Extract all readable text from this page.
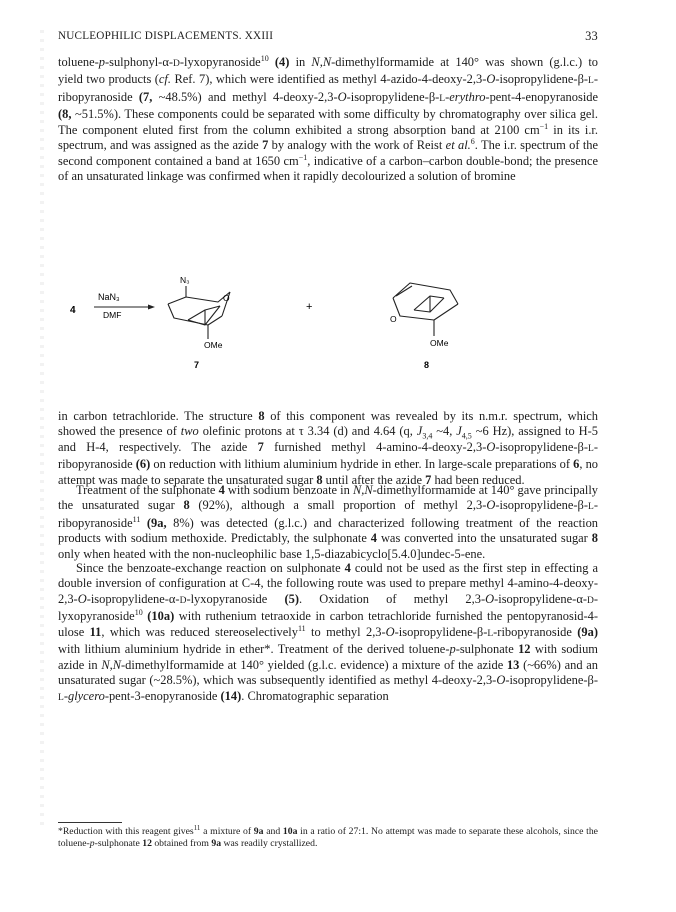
NUCLEOPHILIC DISPLACEMENTS. XXIII	33

toluene-p-sulphonyl-α-D-lyxopyranoside$^{10}$ (4) in N,N-dimethylformamide at 140° was shown (g.l.c.) to yield two products (cf. Ref. 7), which were identified as methyl 4-azido-4-deoxy-2,3-O-isopropylidene-β-L-ribopyranoside (7, ~48.5%) and methyl 4-deoxy-2,3-O-isopropylidene-β-L-erythro-pent-4-enopyranoside (8, ~51.5%). These components could be separated with some difficulty by chromatography over silica gel. The component eluted first from the column exhibited a strong absorption band at 2100 $cm^{-1}$ in its i.r. spectrum, and was assigned as the azide 7 by analogy with the work of Reist et al.$^6$. The i.r. spectrum of the second component contained a band at 1650 $cm^{-1}$, indicative of a carbon–carbon double-bond; the presence of an unsaturated linkage was confirmed when it rapidly decolourized a solution of bromine

4
NaN₃
DMF
N₃
O
OMe
7
+
O
OMe
8

in carbon tetrachloride. The structure 8 of this component was revealed by its n.m.r. spectrum, which showed the presence of two olefinic protons at τ 3.34 (d) and 4.64 (q, $J_{3,4}$ ~4, $J_{4,5}$ ~6 Hz), assigned to H-5 and H-4, respectively. The azide 7 furnished methyl 4-amino-4-deoxy-2,3-O-isopropylidene-β-L-ribopyranoside (6) on reduction with lithium aluminium hydride in ether. In large-scale preparations of 6, no attempt was made to separate the unsaturated sugar 8 until after the azide 7 had been reduced.

Treatment of the sulphonate 4 with sodium benzoate in N,N-dimethylformamide at 140° gave principally the unsaturated sugar 8 (92%), although a small proportion of methyl 2,3-O-isopropylidene-β-L-ribopyranoside$^{11}$ (9a, 8%) was detected (g.l.c.) and characterized following treatment of the reaction products with sodium methoxide. Predictably, the sulphonate 4 was converted into the unsaturated sugar 8 only when heated with the non-nucleophilic base 1,5-diazabicyclo[5.4.0]undec-5-ene.

Since the benzoate-exchange reaction on sulphonate 4 could not be used as the first step in effecting a double inversion of configuration at C-4, the following route was used to prepare methyl 4-amino-4-deoxy-2,3-O-isopropylidene-α-D-lyxopyranoside (5). Oxidation of methyl 2,3-O-isopropylidene-α-D-lyxopyranoside$^{10}$ (10a) with ruthenium tetraoxide in carbon tetrachloride furnished the pentopyranosid-4-ulose 11, which was reduced stereoselectively$^{11}$ to methyl 2,3-O-isopropylidene-β-L-ribopyranoside (9a) with lithium aluminium hydride in ether*. Treatment of the derived toluene-p-sulphonate 12 with sodium azide in N,N-dimethylformamide at 140° yielded (g.l.c. evidence) a mixture of the azide 13 (~66%) and an unsaturated sugar (~28.5%), which was subsequently identified as methyl 4-deoxy-2,3-O-isopropylidene-β-L-glycero-pent-3-enopyranoside (14). Chromatographic separation

*Reduction with this reagent gives$^{11}$ a mixture of 9a and 10a in a ratio of 27:1. No attempt was made to separate these alcohols, since the toluene-p-sulphonate 12 obtained from 9a was readily crystallized.
